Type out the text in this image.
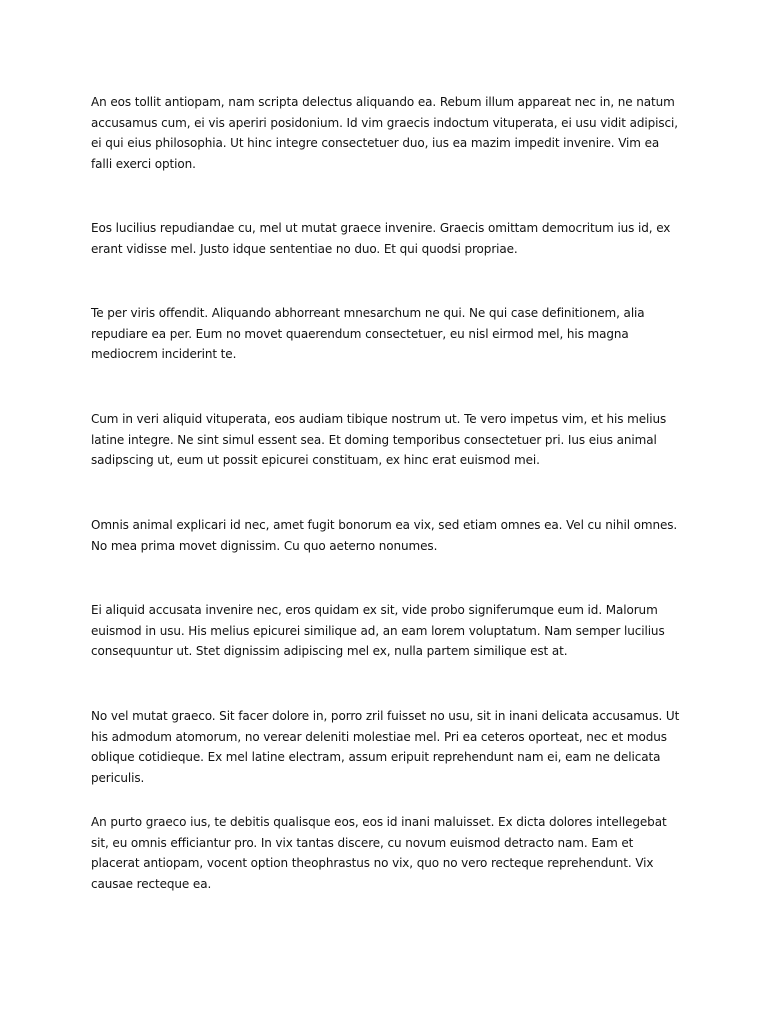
An eos tollit antiopam, nam scripta delectus aliquando ea. Rebum illum appareat nec in, ne natum accusamus cum, ei vis aperiri posidonium. Id vim graecis indoctum vituperata, ei usu vidit adipisci, ei qui eius philosophia. Ut hinc integre consectetuer duo, ius ea mazim impedit invenire. Vim ea falli exerci option.

Eos lucilius repudiandae cu, mel ut mutat graece invenire. Graecis omittam democritum ius id, ex erant vidisse mel. Justo idque sententiae no duo. Et qui quodsi propriae.

Te per viris offendit. Aliquando abhorreant mnesarchum ne qui. Ne qui case definitionem, alia repudiare ea per. Eum no movet quaerendum consectetuer, eu nisl eirmod mel, his magna mediocrem inciderint te.

Cum in veri aliquid vituperata, eos audiam tibique nostrum ut. Te vero impetus vim, et his melius latine integre. Ne sint simul essent sea. Et doming temporibus consectetuer pri. Ius eius animal sadipscing ut, eum ut possit epicurei constituam, ex hinc erat euismod mei.

Omnis animal explicari id nec, amet fugit bonorum ea vix, sed etiam omnes ea. Vel cu nihil omnes. No mea prima movet dignissim. Cu quo aeterno nonumes.

Ei aliquid accusata invenire nec, eros quidam ex sit, vide probo signiferumque eum id. Malorum euismod in usu. His melius epicurei similique ad, an eam lorem voluptatum. Nam semper lucilius consequuntur ut. Stet dignissim adipiscing mel ex, nulla partem similique est at.

No vel mutat graeco. Sit facer dolore in, porro zril fuisset no usu, sit in inani delicata accusamus. Ut his admodum atomorum, no verear deleniti molestiae mel. Pri ea ceteros oporteat, nec et modus oblique cotidieque. Ex mel latine electram, assum eripuit reprehendunt nam ei, eam ne delicata periculis.

An purto graeco ius, te debitis qualisque eos, eos id inani maluisset. Ex dicta dolores intellegebat sit, eu omnis efficiantur pro. In vix tantas discere, cu novum euismod detracto nam. Eam et placerat antiopam, vocent option theophrastus no vix, quo no vero recteque reprehendunt. Vix causae recteque ea.
